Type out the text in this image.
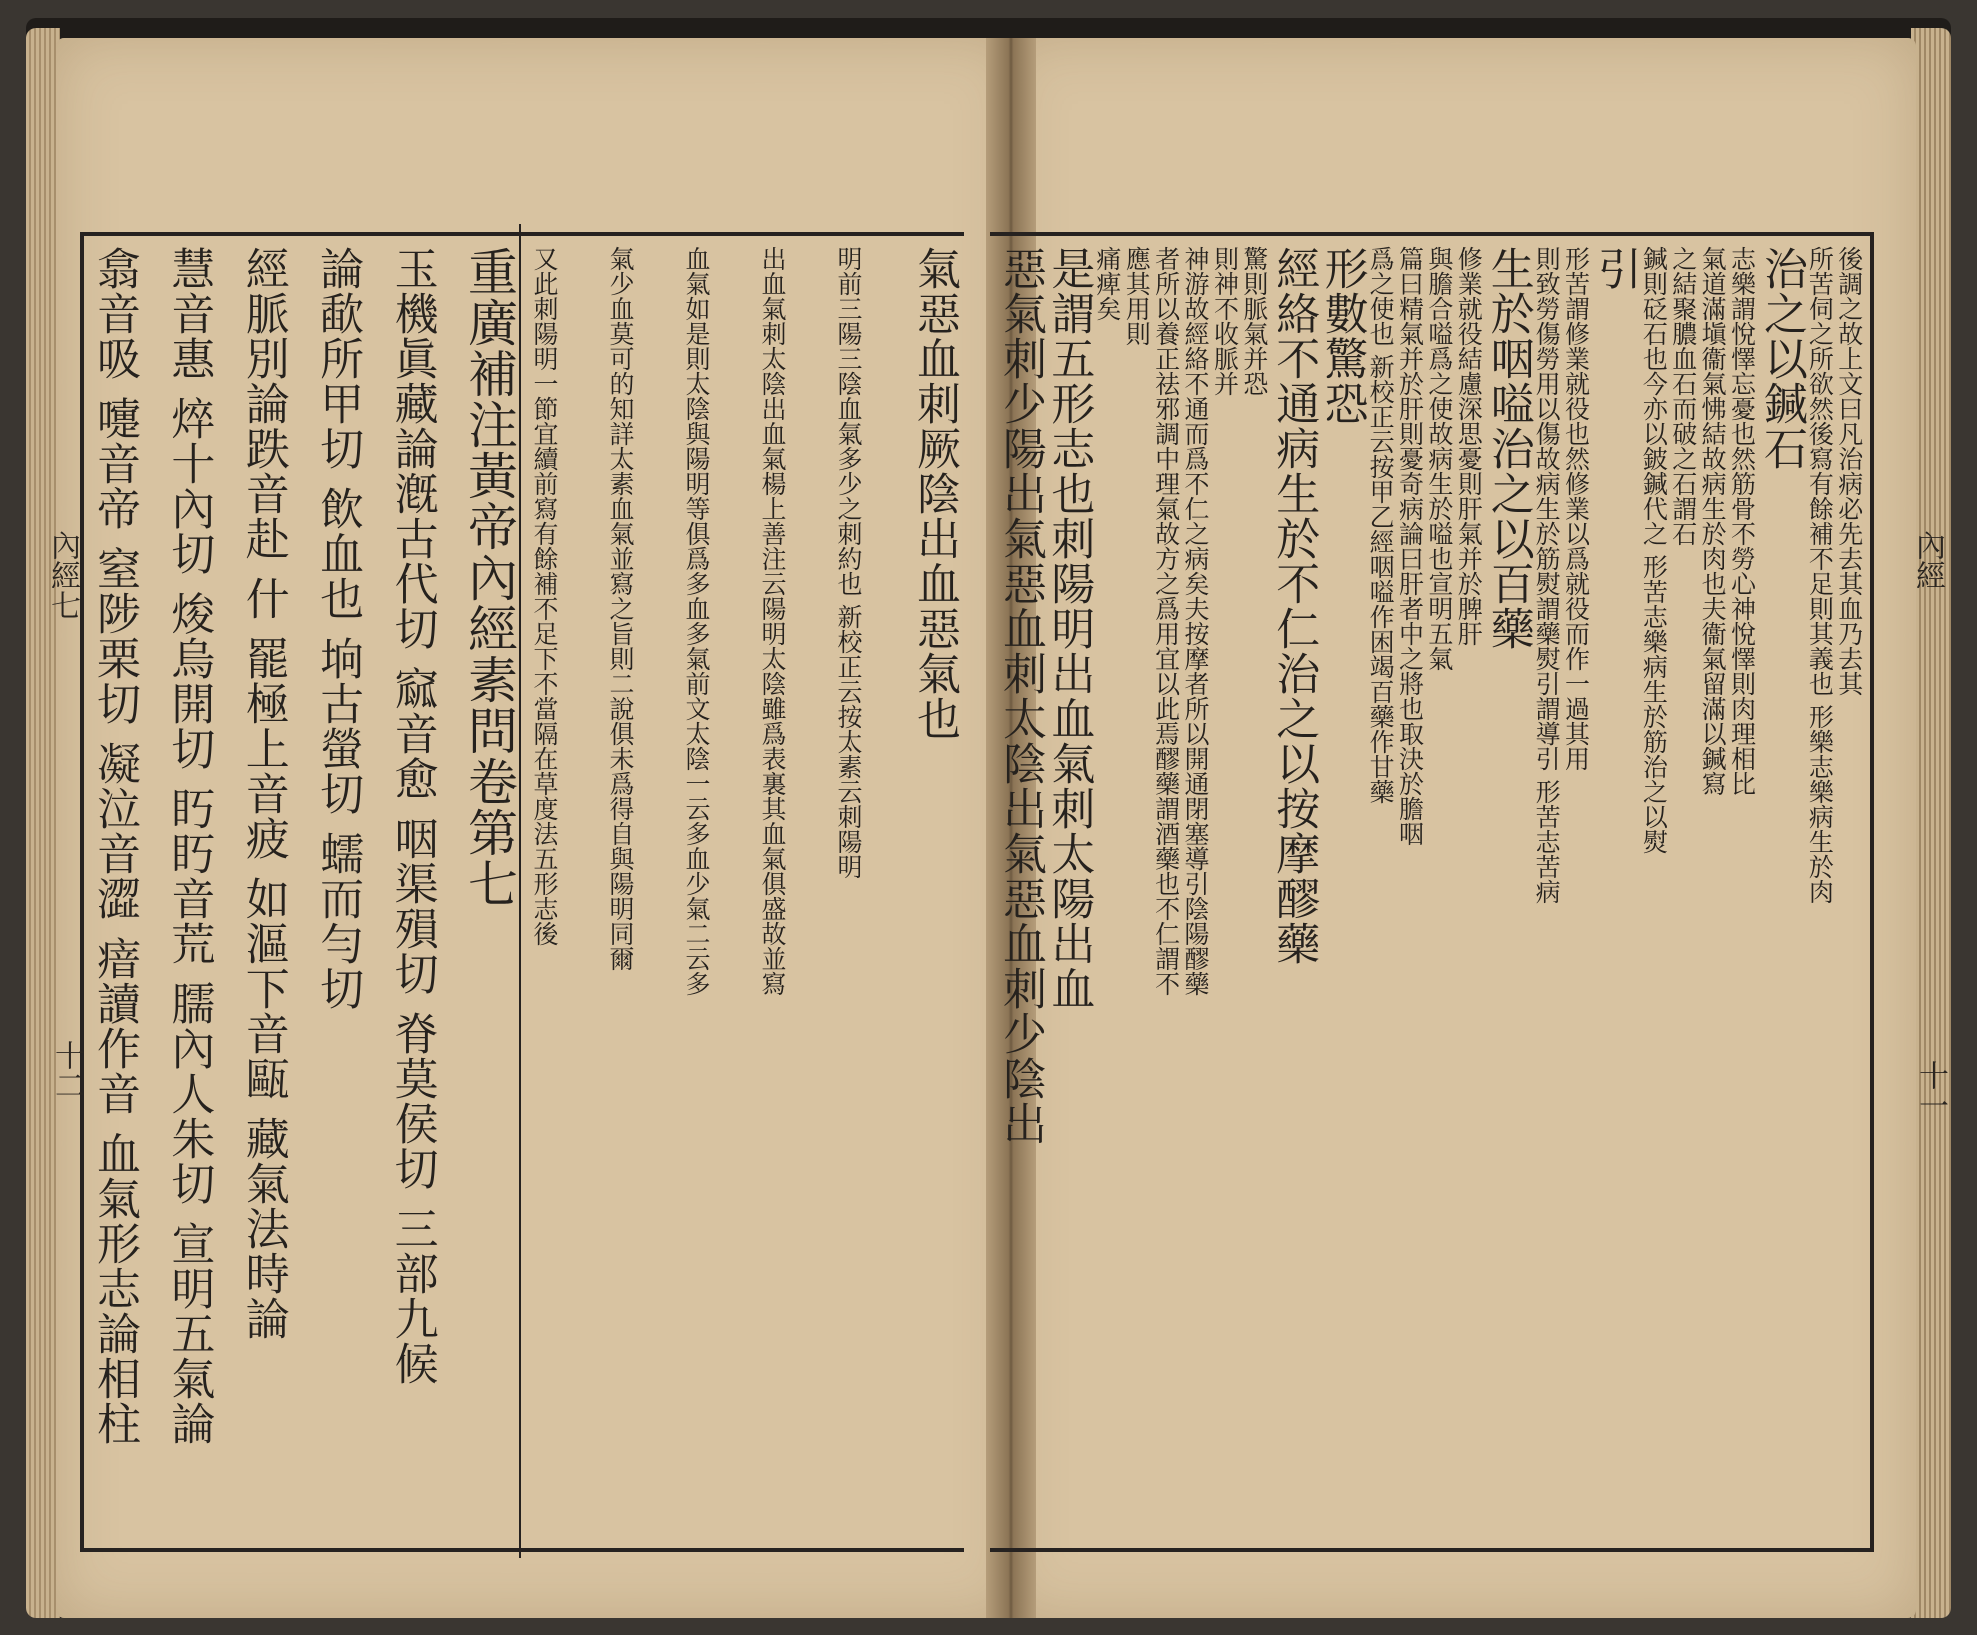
重廣補注黃帝內經素問卷第七
玉機眞藏論漑古代切 窳音愈 咽渠殞切 脊莫侯切 三部九候
論歃所甲切 飲血也 垧古螢切 蠕而勻切
經脈別論跌音赴 什 罷極上音疲 如漚下音甌 藏氣法時論
慧音惠 焠十內切 焌烏開切 䀎䀎音荒 臑內人朱切 宣明五氣論
翕音吸 嚏音帝 窒陟栗切 凝泣音澀 瘖讀作音 血氣形志論相柱	氣惡血刺厥陰出血惡氣也
明前三陽三陰血氣多少之刺約也 新校正云按太素云刺陽明
出血氣刺太陰出血氣楊上善注云陽明太陰雖爲表裏其血氣俱盛故並寫
血氣如是則太陰與陽明等俱爲多血多氣前文太陰一云多血少氣二云多
氣少血莫可的知詳太素血氣並寫之旨則二說俱未爲得自與陽明同爾
又此刺陽明一節宜續前寫有餘補不足下不當隔在草度法五形志後
內經七
十二
後調之故上文曰凡治病必先去其血乃去其
所苦伺之所欲然後寫有餘補不足則其義也 形樂志樂病生於肉
治之以鍼石
志樂謂悅懌忘憂也然筋骨不勞心神悅懌則肉理相比
氣道滿塡衞氣怫結故病生於肉也夫衞氣留滿以鍼寫
之結聚膿血石而破之石謂石
鍼則砭石也今亦以鈹鍼代之 形苦志樂病生於筋治之以熨
引
形苦謂修業就役也然修業以爲就役而作一過其用
則致勞傷勞用以傷故病生於筋熨謂藥熨引謂導引 形苦志苦病
生於咽嗌治之以百藥
修業就役結慮深思憂則肝氣并於脾肝
與膽合嗌爲之使故病生於嗌也宣明五氣
篇曰精氣并於肝則憂奇病論曰肝者中之將也取決於膽咽
爲之使也 新校正云按甲乙經咽嗌作困竭百藥作甘藥
形數驚恐
經絡不通病生於不仁治之以按摩醪藥
驚則脈氣并恐
則神不收脈并
神游故經絡不通而爲不仁之病矣夫按摩者所以開通閉塞導引陰陽醪藥
者所以養正祛邪調中理氣故方之爲用宜以此焉醪藥謂酒藥也不仁謂不
應其用則
痛痺矣
是謂五形志也刺陽明出血氣刺太陽出血
惡氣刺少陽出氣惡血刺太陰出氣惡血刺少陰出	內經
十一
